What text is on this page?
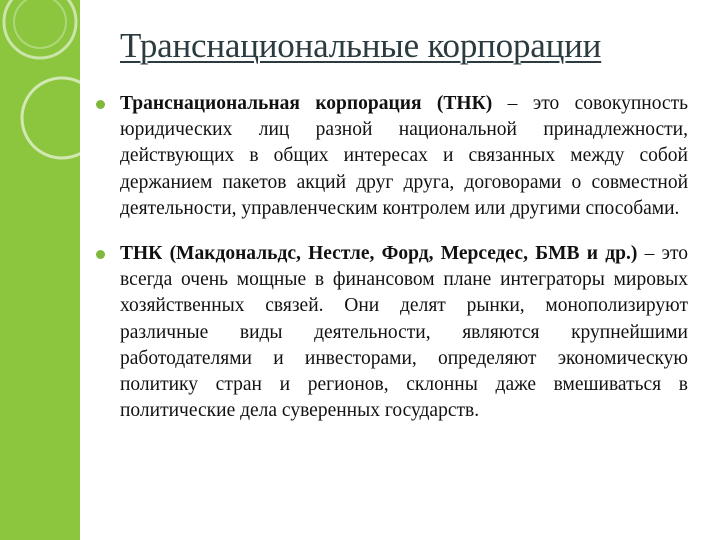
Транснациональные корпорации
Транснациональная корпорация (ТНК) – это совокупность юридических лиц разной национальной принадлежности, действующих в общих интересах и связанных между собой держанием пакетов акций друг друга, договорами о совместной деятельности, управленческим контролем или другими способами.
ТНК (Макдональдс, Нестле, Форд, Мерседес, БМВ и др.) – это всегда очень мощные в финансовом плане интеграторы мировых хозяйственных связей. Они делят рынки, монополизируют различные виды деятельности, являются крупнейшими работодателями и инвесторами, определяют экономическую политику стран и регионов, склонны даже вмешиваться в политические дела суверенных государств.
